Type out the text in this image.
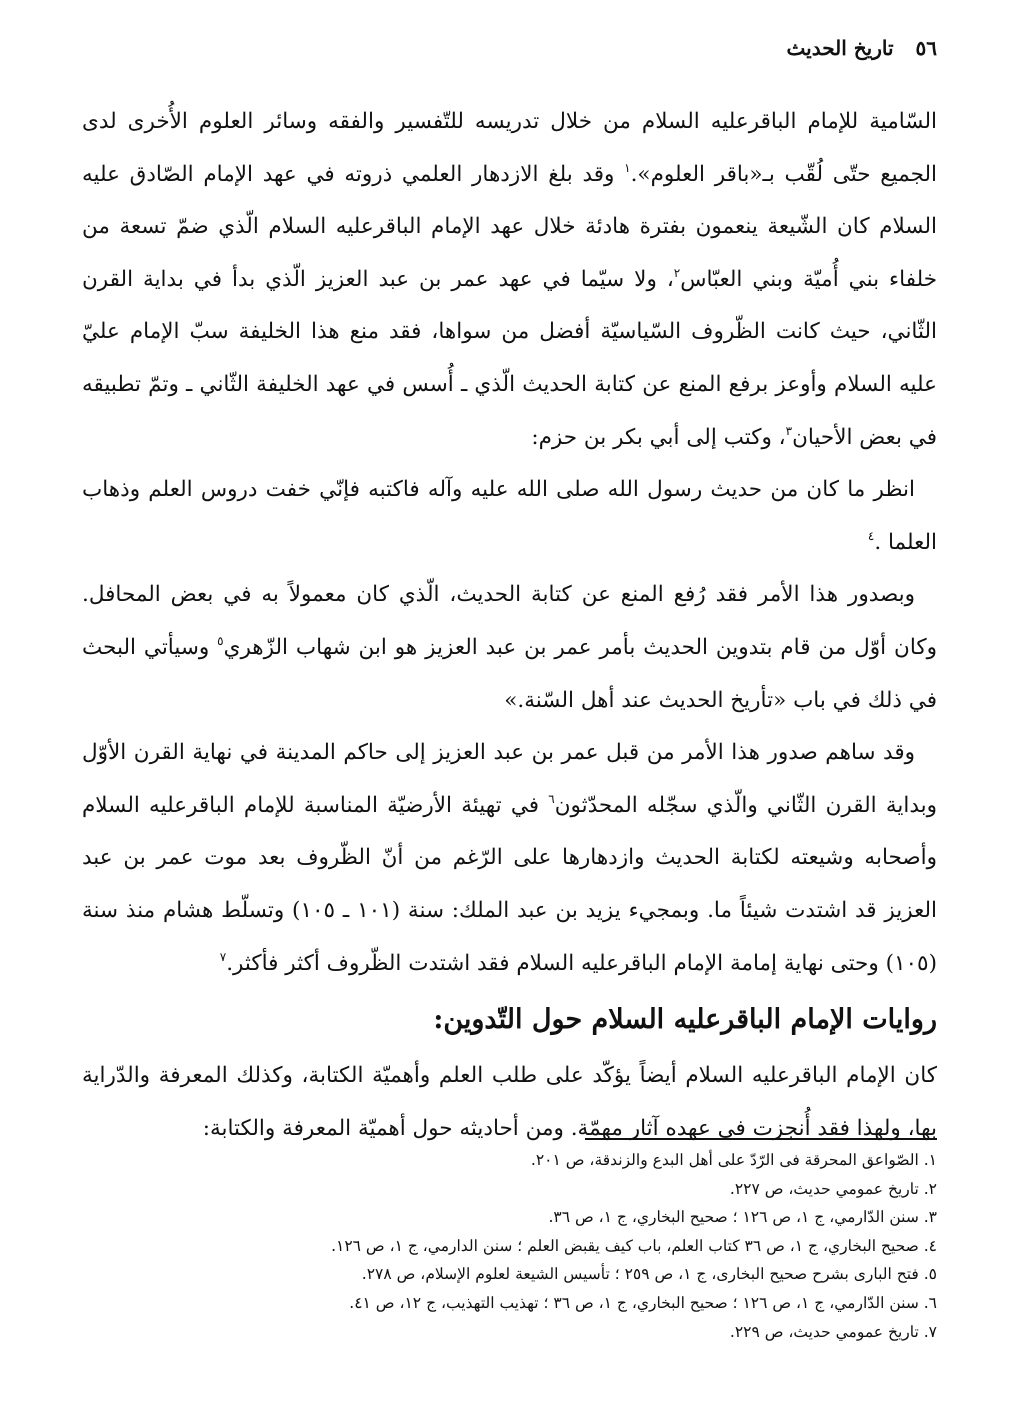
٥٦
تاريخ الحديث

السّامية للإمام الباقرعليه السلام من خلال تدريسه للتّفسير والفقه وسائر العلوم الأُخرى لدى الجميع حتّى لُقّب بـ«باقر العلوم».$^١$ وقد بلغ الازدهار العلمي ذروته في عهد الإمام الصّادق عليه السلام كان الشّيعة ينعمون بفترة هادئة خلال عهد الإمام الباقرعليه السلام الّذي ضمّ تسعة من خلفاء بني أُميّة وبني العبّاس$^٢$، ولا سيّما في عهد عمر بن عبد العزيز الّذي بدأ في بداية القرن الثّاني، حيث كانت الظّروف السّياسيّة أفضل من سواها، فقد منع هذا الخليفة سبّ الإمام عليّ عليه السلام وأوعز برفع المنع عن كتابة الحديث الّذي ـ أُسس في عهد الخليفة الثّاني ـ وتمّ تطبيقه في بعض الأحيان$^٣$، وكتب إلى أبي بكر بن حزم:

انظر ما كان من حديث رسول الله صلى الله عليه وآله فاكتبه فإنّي خفت دروس العلم وذهاب العلما .$^٤$

وبصدور هذا الأمر فقد رُفع المنع عن كتابة الحديث، الّذي كان معمولاً به في بعض المحافل. وكان أوّل من قام بتدوين الحديث بأمر عمر بن عبد العزيز هو ابن شهاب الزّهري$^٥$ وسيأتي البحث في ذلك في باب «تأريخ الحديث عند أهل السّنة.»

وقد ساهم صدور هذا الأمر من قبل عمر بن عبد العزيز إلى حاكم المدينة في نهاية القرن الأوّل وبداية القرن الثّاني والّذي سجّله المحدّثون$^٦$ في تهيئة الأرضيّة المناسبة للإمام الباقرعليه السلام وأصحابه وشيعته لكتابة الحديث وازدهارها على الرّغم من أنّ الظّروف بعد موت عمر بن عبد العزيز قد اشتدت شيئاً ما. وبمجيء يزيد بن عبد الملك: سنة (١٠١ ـ ١٠٥) وتسلّط هشام منذ سنة (١٠٥) وحتى نهاية إمامة الإمام الباقرعليه السلام فقد اشتدت الظّروف أكثر فأكثر.$^٧$

روايات الإمام الباقرعليه السلام حول التّدوين:

كان الإمام الباقرعليه السلام أيضاً يؤكّد على طلب العلم وأهميّة الكتابة، وكذلك المعرفة والدّراية بها، ولهذا فقد أُنجزت في عهده آثار مهمّة. ومن أحاديثه حول أهميّة المعرفة والكتابة:

١. الصّواعق المحرقة فى الرّدّ على أهل البدع والزندقة، ص ٢٠١.
٢. تاريخ عمومي حديث، ص ٢٢٧.
٣. سنن الدّارمي، ج ١، ص ١٢٦ ؛ صحيح البخاري، ج ١، ص ٣٦.
٤. صحيح البخاري، ج ١، ص ٣٦ كتاب العلم، باب كيف يقبض العلم ؛ سنن الدارمي، ج ١، ص ١٢٦.
٥. فتح البارى بشرح صحيح البخارى، ج ١، ص ٢٥٩ ؛ تأسيس الشيعة لعلوم الإسلام، ص ٢٧٨.
٦. سنن الدّارمي، ج ١، ص ١٢٦ ؛ صحيح البخاري، ج ١، ص ٣٦ ؛ تهذيب التهذيب، ج ١٢، ص ٤١.
٧. تاريخ عمومي حديث، ص ٢٢٩.
